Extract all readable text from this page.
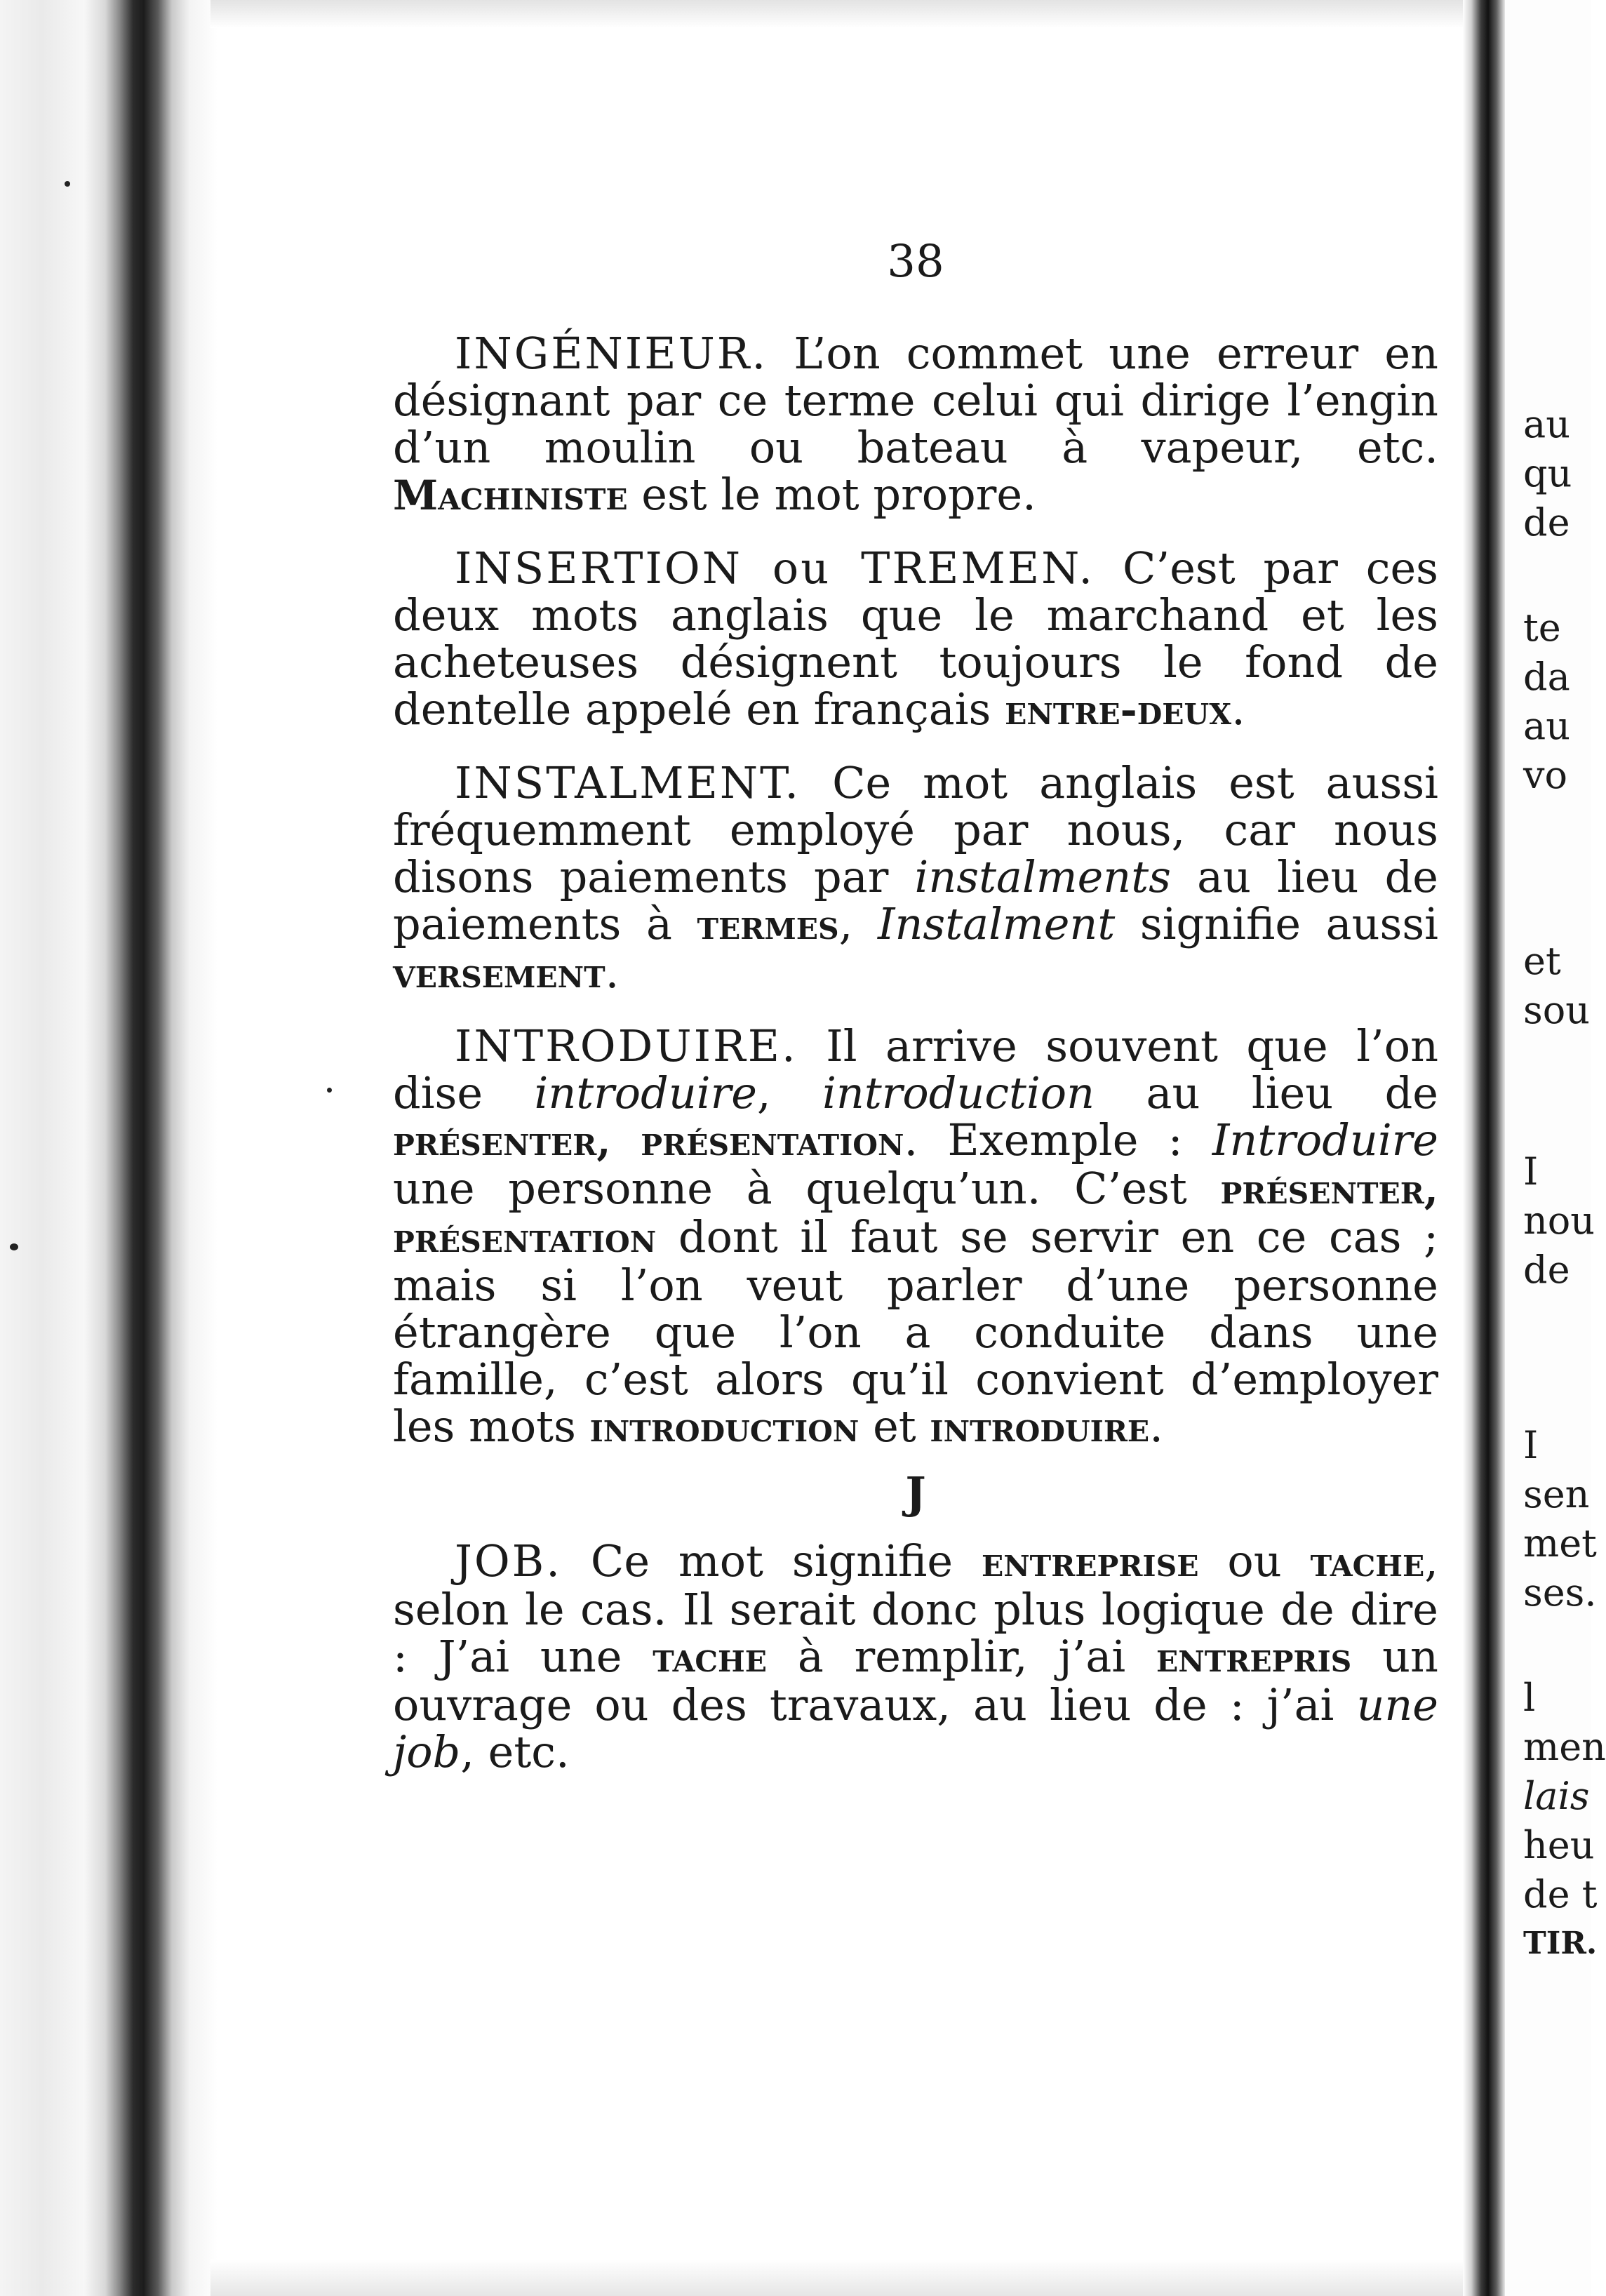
au
qu
de
te
da
au
vo
et
sou
I
nou
de
I
sen
met
ses.
l
men
lais
heu
de t
TIR.
38

INGÉNIEUR. L’on commet une erreur en désignant par ce terme celui qui dirige l’engin d’un moulin ou bateau à vapeur, etc. Machiniste est le mot propre.

INSERTION ou TREMEN. C’est par ces deux mots anglais que le marchand et les acheteuses désignent toujours le fond de dentelle appelé en français entre-deux.

INSTALMENT. Ce mot anglais est aussi fréquemment employé par nous, car nous disons paiements par instalments au lieu de paiements à termes, Instalment signifie aussi versement.

INTRODUIRE. Il arrive souvent que l’on dise introduire, introduction au lieu de présenter, présentation. Exemple : Introduire une personne à quelqu’un. C’est présenter, présentation dont il faut se servir en ce cas ; mais si l’on veut parler d’une personne étrangère que l’on a conduite dans une famille, c’est alors qu’il convient d’employer les mots introduction et introduire.

J

JOB. Ce mot signifie entreprise ou tache, selon le cas. Il serait donc plus logique de dire : J’ai une tache à remplir, j’ai entrepris un ouvrage ou des travaux, au lieu de : j’ai une job, etc.
